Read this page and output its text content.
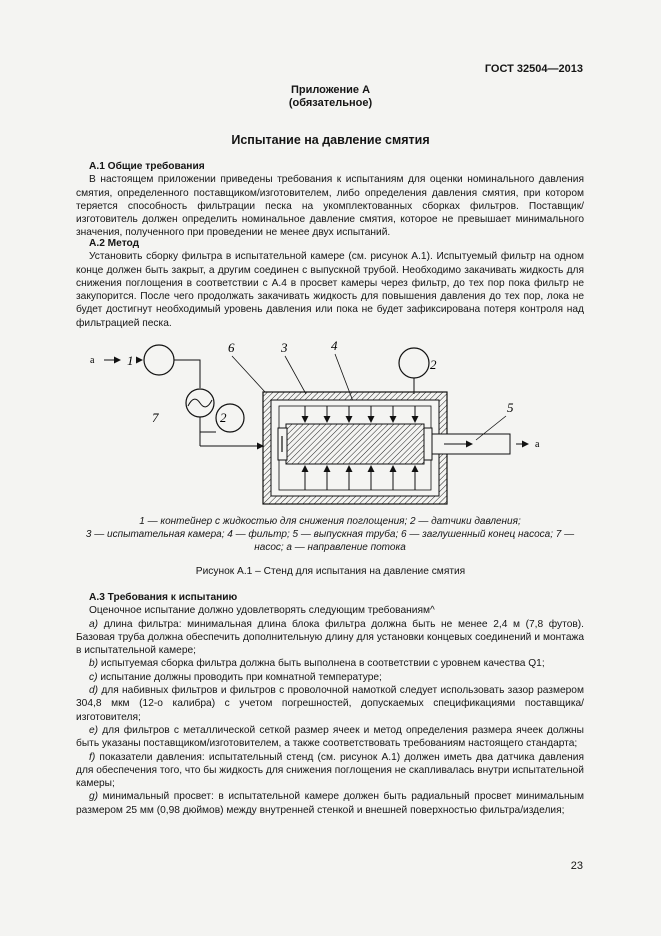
ГОСТ 32504—2013
Приложение А
(обязательное)
Испытание на давление смятия

А.1 Общие требования

В настоящем приложении приведены требования к испытаниям для оценки номинального давления смятия, определенного поставщиком/изготовителем, либо определения давления смятия, при котором теряется способность фильтрации песка на укомплектованных сборках фильтров. Поставщик/изготовитель должен определить номинальное давление смятия, которое не превышает минимального значения, полученного при проведении не менее двух испытаний.

А.2 Метод

Установить сборку фильтра в испытательной камере (см. рисунок А.1). Испытуемый фильтр на одном конце должен быть закрыт, а другим соединен с выпускной трубой. Необходимо закачивать жидкость для снижения поглощения в соответствии с А.4 в просвет камеры через фильтр, до тех пор пока фильтр не закупорится. После чего продолжать закачивать жидкость для повышения давления до тех пор, лока не будет достигнут необходимый уровень давления или пока не будет зафиксирована потеря контроля над фильтрацией песка.

a	1
7	2
6	3	4
2
5
a
1 — контейнер с жидкостью для снижения поглощения; 2 — датчики давления;
3 — испытательная камера; 4 — фильтр; 5 — выпускная труба; 6 — заглушенный конец насоса; 7 —
насос; a — направление потока
Рисунок А.1 – Стенд для испытания на давление смятия

А.3 Требования к испытанию

Оценочное испытание должно удовлетворять следующим требованиям^

а) длина фильтра: минимальная длина блока фильтра должна быть не менее 2,4 м (7,8 футов). Базовая труба должна обеспечить дополнительную длину для установки концевых соединений и монтажа в испытательной камере;

b) испытуемая сборка фильтра должна быть выполнена в соответствии с уровнем качества Q1;

c) испытание должны проводить при комнатной температуре;

d) для набивных фильтров и фильтров с проволочной намоткой следует использовать зазор размером 304,8 мкм (12-о калибра) с учетом погрешностей, допускаемых спецификациями поставщика/изготовителя;

е) для фильтров с металлической сеткой размер ячеек и метод определения размера ячеек должны быть указаны поставщиком/изготовителем, а также соответствовать требованиям настоящего стандарта;

f) показатели давления: испытательный стенд (см. рисунок А.1) должен иметь два датчика давления для обеспечения того, что бы жидкость для снижения поглощения не скапливалась внутри испытательной камеры;

g) минимальный просвет: в испытательной камере должен быть радиальный просвет минимальным размером 25 мм (0,98 дюймов) между внутренней стенкой и внешней поверхностью фильтра/изделия;

23
